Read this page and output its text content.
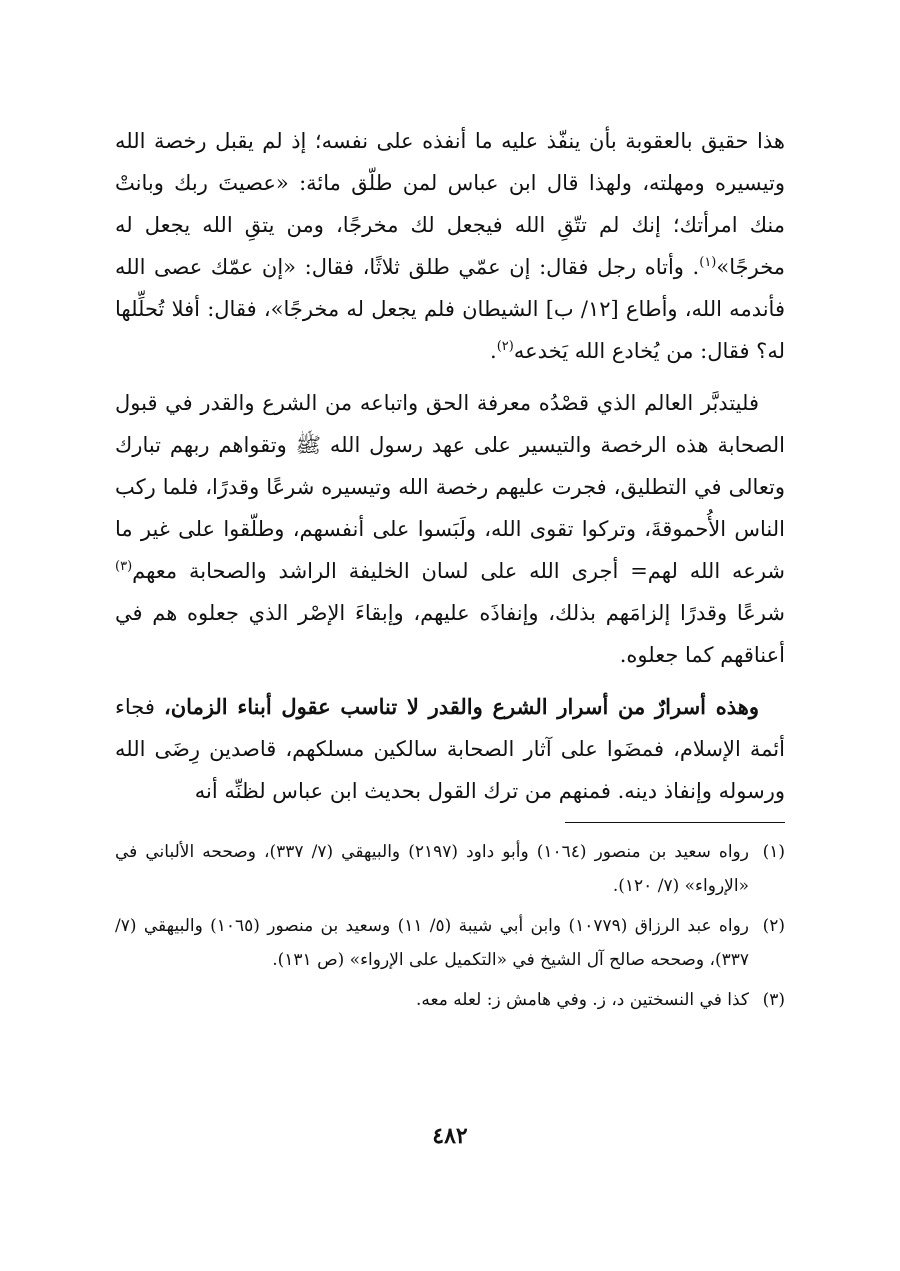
هذا حقيق بالعقوبة بأن ينفّذ عليه ما أنفذه على نفسه؛ إذ لم يقبل رخصة الله وتيسيره ومهلته، ولهذا قال ابن عباس لمن طلّق مائة: «عصيتَ ربك وبانتْ منك امرأتك؛ إنك لم تتّقِ الله فيجعل لك مخرجًا، ومن يتقِ الله يجعل له مخرجًا»$^{(١)}$. وأتاه رجل فقال: إن عمّي طلق ثلاثًا، فقال: «إن عمّك عصى الله فأندمه الله، وأطاع [١٢/ ب] الشيطان فلم يجعل له مخرجًا»، فقال: أفلا تُحلِّلها له؟ فقال: من يُخادع الله يَخدعه$^{(٢)}$.

فليتدبَّر العالم الذي قصْدُه معرفة الحق واتباعه من الشرع والقدر في قبول الصحابة هذه الرخصة والتيسير على عهد رسول الله ﷺ وتقواهم ربهم تبارك وتعالى في التطليق، فجرت عليهم رخصة الله وتيسيره شرعًا وقدرًا، فلما ركب الناس الأُحموقةَ، وتركوا تقوى الله، ولَبَسوا على أنفسهم، وطلّقوا على غير ما شرعه الله لهم= أجرى الله على لسان الخليفة الراشد والصحابة معهم$^{(٣)}$ شرعًا وقدرًا إلزامَهم بذلك، وإنفاذَه عليهم، وإبقاءَ الإصْر الذي جعلوه هم في أعناقهم كما جعلوه.

وهذه أسرارٌ من أسرار الشرع والقدر لا تناسب عقول أبناء الزمان، فجاء أئمة الإسلام، فمضَوا على آثار الصحابة سالكين مسلكهم، قاصدين رِضَى الله ورسوله وإنفاذ دينه. فمنهم من ترك القول بحديث ابن عباس لظنِّه أنه

(١)
رواه سعيد بن منصور (١٠٦٤) وأبو داود (٢١٩٧) والبيهقي (٧/ ٣٣٧)، وصححه الألباني في «الإرواء» (٧/ ١٢٠).
(٢)
رواه عبد الرزاق (١٠٧٧٩) وابن أبي شيبة (٥/ ١١) وسعيد بن منصور (١٠٦٥) والبيهقي (٧/ ٣٣٧)، وصححه صالح آل الشيخ في «التكميل على الإرواء» (ص ١٣١).
(٣)
كذا في النسختين د، ز. وفي هامش ز: لعله معه.
٤٨٢
